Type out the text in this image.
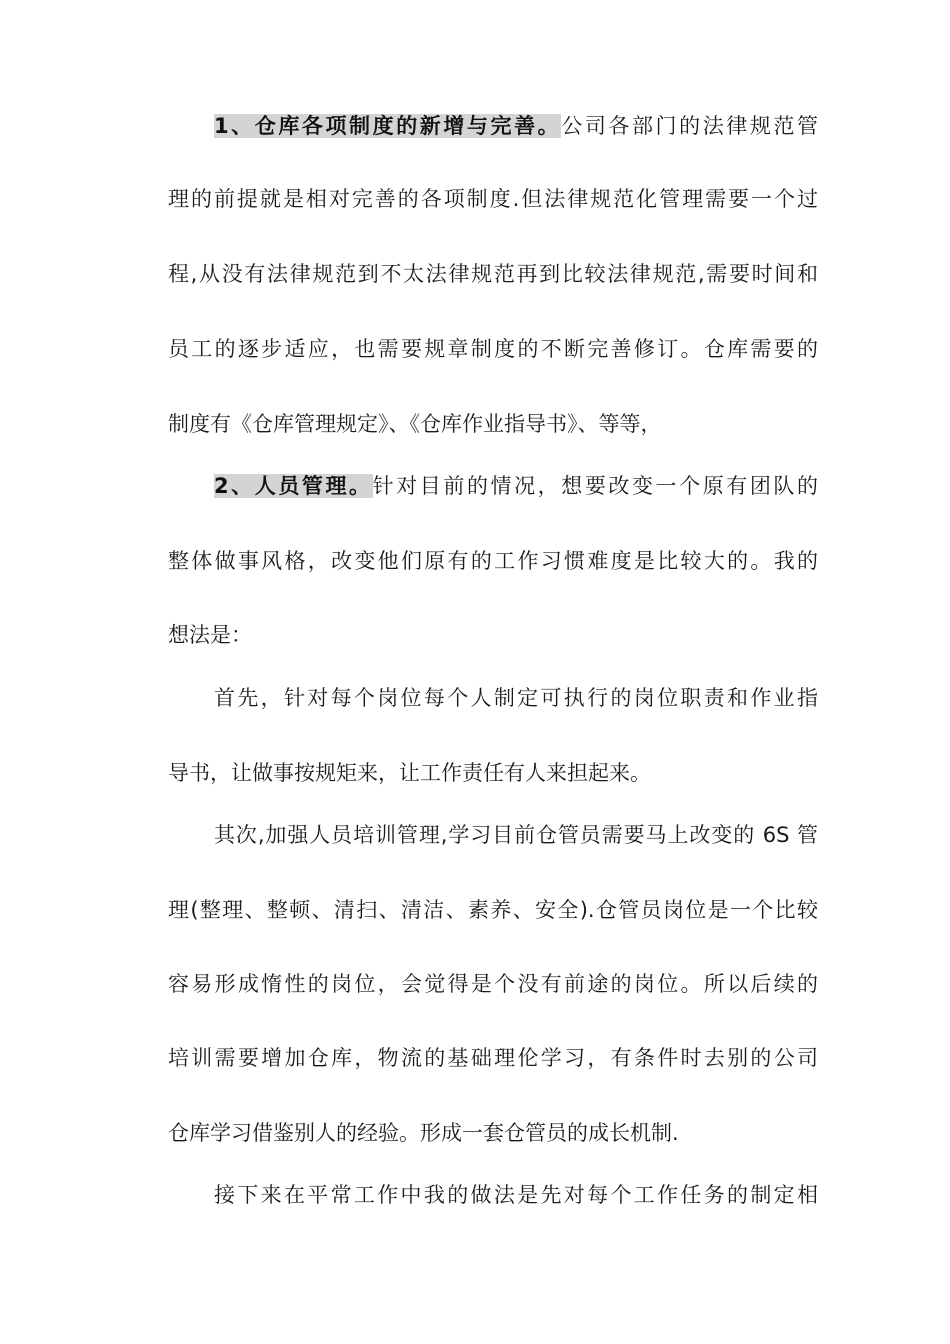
1、仓库各项制度的新增与完善。公司各部门的法律规范管
理的前提就是相对完善的各项制度.但法律规范化管理需要一个过
程,从没有法律规范到不太法律规范再到比较法律规范,需要时间和
员工的逐步适应，也需要规章制度的不断完善修订。仓库需要的
制度有《仓库管理规定》、《仓库作业指导书》、等等，
2、人员管理。针对目前的情况，想要改变一个原有团队的
整体做事风格，改变他们原有的工作习惯难度是比较大的。我的
想法是：
首先，针对每个岗位每个人制定可执行的岗位职责和作业指
导书，让做事按规矩来，让工作责任有人来担起来。
其次,加强人员培训管理,学习目前仓管员需要马上改变的 6S 管
理(整理、整顿、清扫、清洁、素养、安全).仓管员岗位是一个比较
容易形成惰性的岗位，会觉得是个没有前途的岗位。所以后续的
培训需要增加仓库，物流的基础理伦学习，有条件时去别的公司
仓库学习借鉴别人的经验。形成一套仓管员的成长机制.
接下来在平常工作中我的做法是先对每个工作任务的制定相
